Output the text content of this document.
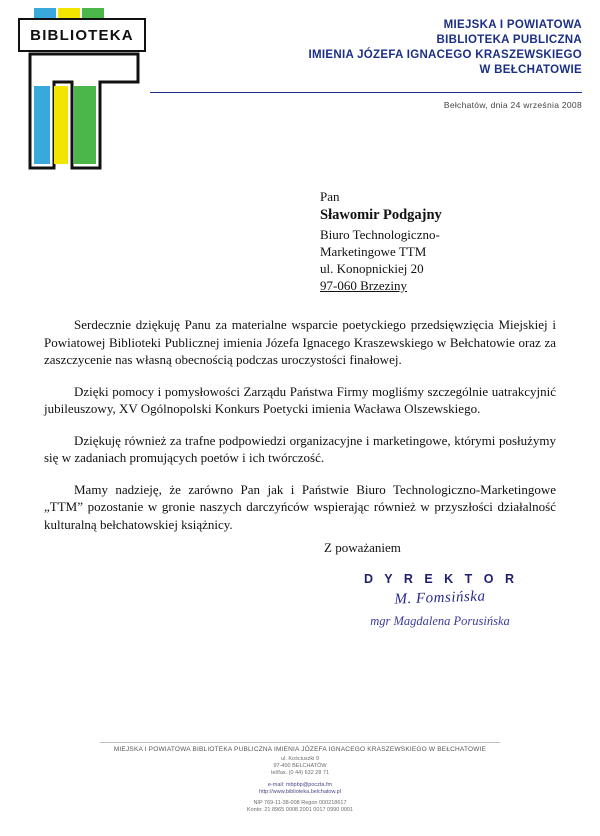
BIBLIOTEKA
MIEJSKA I POWIATOWA
BIBLIOTEKA PUBLICZNA
IMIENIA JÓZEFA IGNACEGO KRASZEWSKIEGO
W BEŁCHATOWIE
Bełchatów, dnia 24 września 2008
Pan
Sławomir Podgajny
Biuro Technologiczno-
Marketingowe TTM
ul. Konopnickiej 20
97-060 Brzeziny

Serdecznie dziękuję Panu za materialne wsparcie poetyckiego przedsięwzięcia Miejskiej i Powiatowej Biblioteki Publicznej imienia Józefa Ignacego Kraszewskiego w Bełchatowie oraz za zaszczycenie nas własną obecnością podczas uroczystości finałowej.

Dzięki pomocy i pomysłowości Zarządu Państwa Firmy mogliśmy szczególnie uatrakcyjnić jubileuszowy, XV Ogólnopolski Konkurs Poetycki imienia Wacława Olszewskiego.

Dziękuję również za trafne podpowiedzi organizacyjne i marketingowe, którymi posłużymy się w zadaniach promujących poetów i ich twórczość.

Mamy nadzieję, że zarówno Pan jak i Państwie Biuro Technologiczno-Marketingowe „TTM” pozostanie w gronie naszych darczyńców wspierając również w przyszłości działalność kulturalną bełchatowskiej książnicy.

Z poważaniem
D Y R E K T O R
M. Fomsińska
mgr Magdalena Porusińska
MIEJSKA I POWIATOWA BIBLIOTEKA PUBLICZNA IMIENIA JÓZEFA IGNACEGO KRASZEWSKIEGO W BEŁCHATOWIE
ul. Kościuszki 9
97-400 BEŁCHATÓW
tel/fax. (0 44) 632 28 71
e-mail: mbpbp@poczta.fm
http://www.biblioteka.belchatow.pl
NIP 769-11-38-008 Regon 000218617
Konto: 21 8965 0008 2001 0017 0990 0001
